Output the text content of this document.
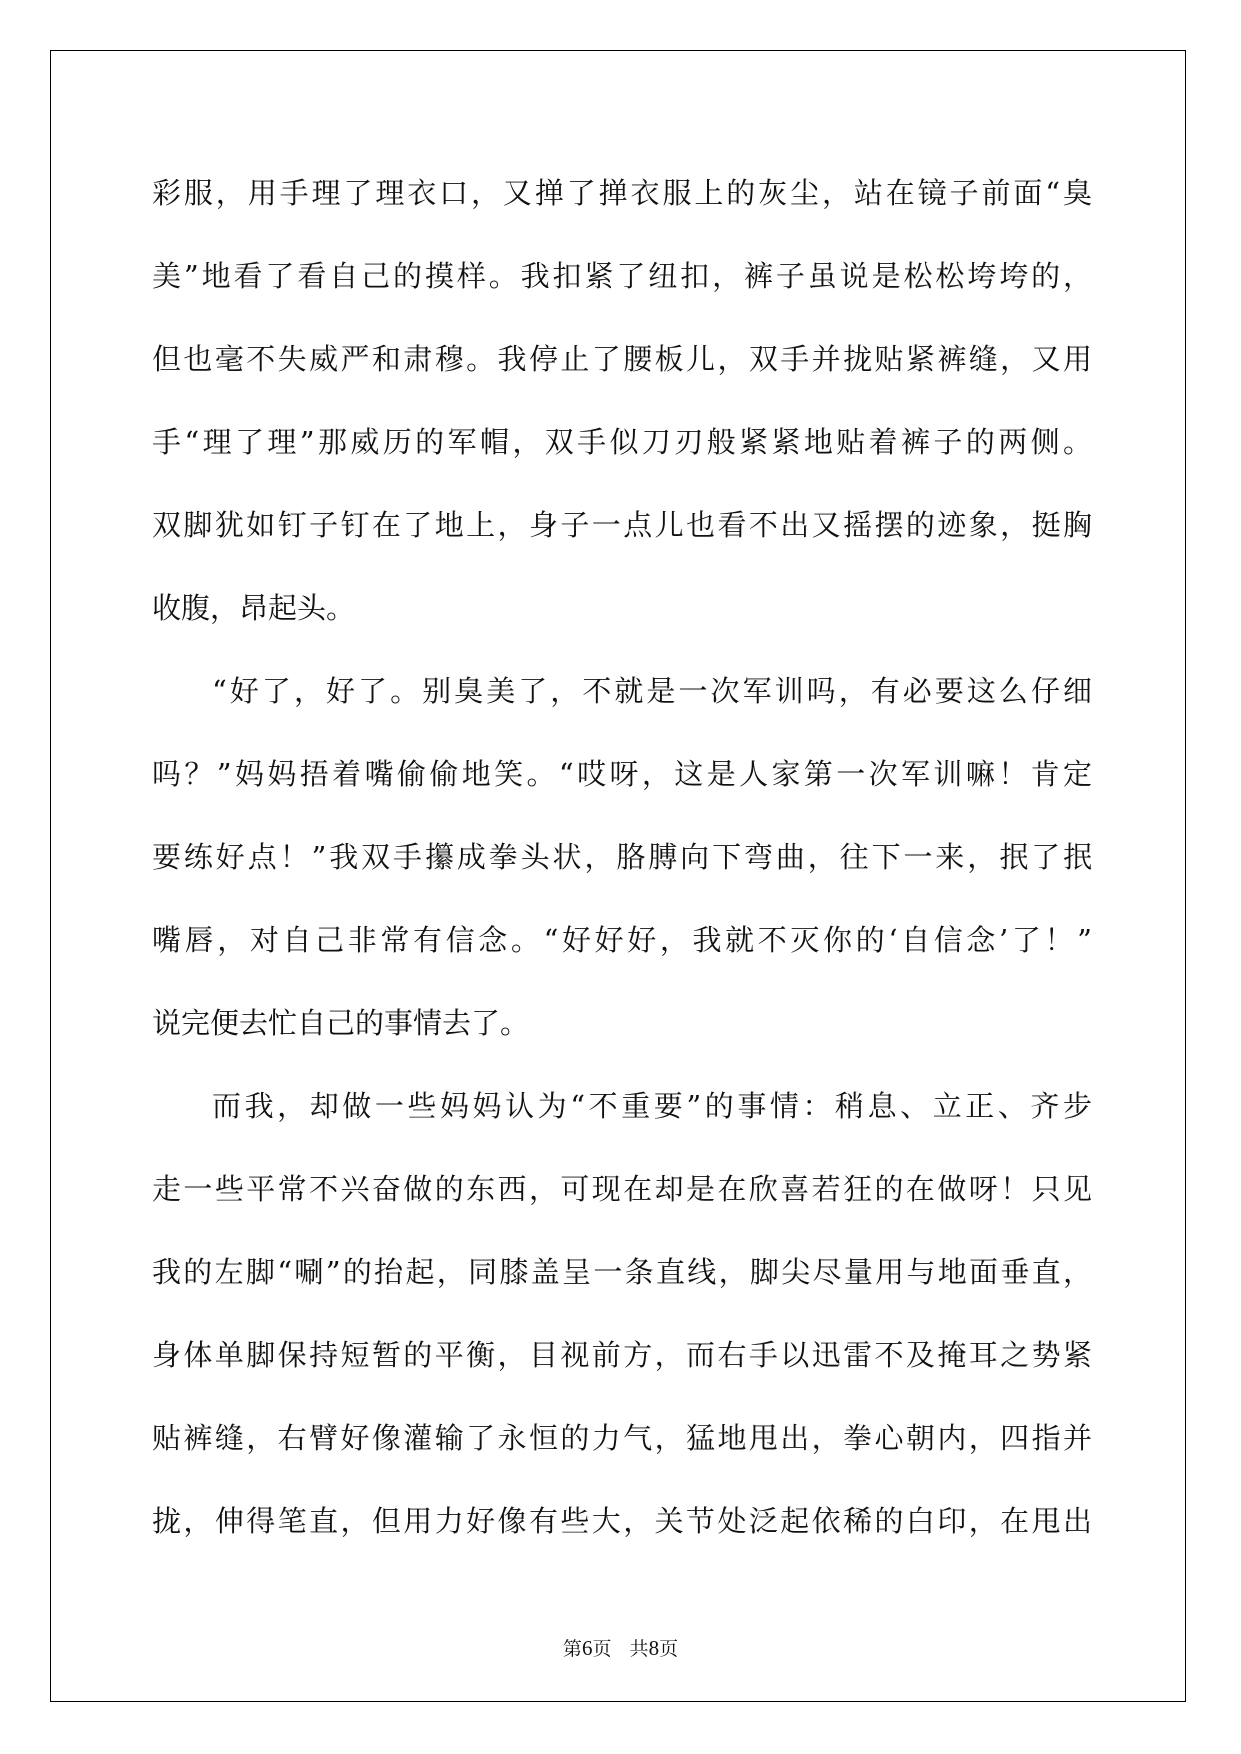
彩服，用手理了理衣口，又掸了掸衣服上的灰尘，站在镜子前面“臭
美”地看了看自己的摸样。我扣紧了纽扣，裤子虽说是松松垮垮的，
但也毫不失威严和肃穆。我停止了腰板儿，双手并拢贴紧裤缝，又用
手“理了理”那威历的军帽，双手似刀刃般紧紧地贴着裤子的两侧。
双脚犹如钉子钉在了地上，身子一点儿也看不出又摇摆的迹象，挺胸
收腹，昂起头。
“好了，好了。别臭美了，不就是一次军训吗，有必要这么仔细
吗？”妈妈捂着嘴偷偷地笑。“哎呀，这是人家第一次军训嘛！肯定
要练好点！”我双手攥成拳头状，胳膊向下弯曲，往下一来，抿了抿
嘴唇，对自己非常有信念。“好好好，我就不灭你的‘自信念’了！”
说完便去忙自己的事情去了。
而我，却做一些妈妈认为“不重要”的事情：稍息、立正、齐步
走一些平常不兴奋做的东西，可现在却是在欣喜若狂的在做呀！只见
我的左脚“唰”的抬起，同膝盖呈一条直线，脚尖尽量用与地面垂直，
身体单脚保持短暂的平衡，目视前方，而右手以迅雷不及掩耳之势紧
贴裤缝，右臂好像灌输了永恒的力气，猛地甩出，拳心朝内，四指并
拢，伸得笔直，但用力好像有些大，关节处泛起依稀的白印，在甩出
第6页   共8页
